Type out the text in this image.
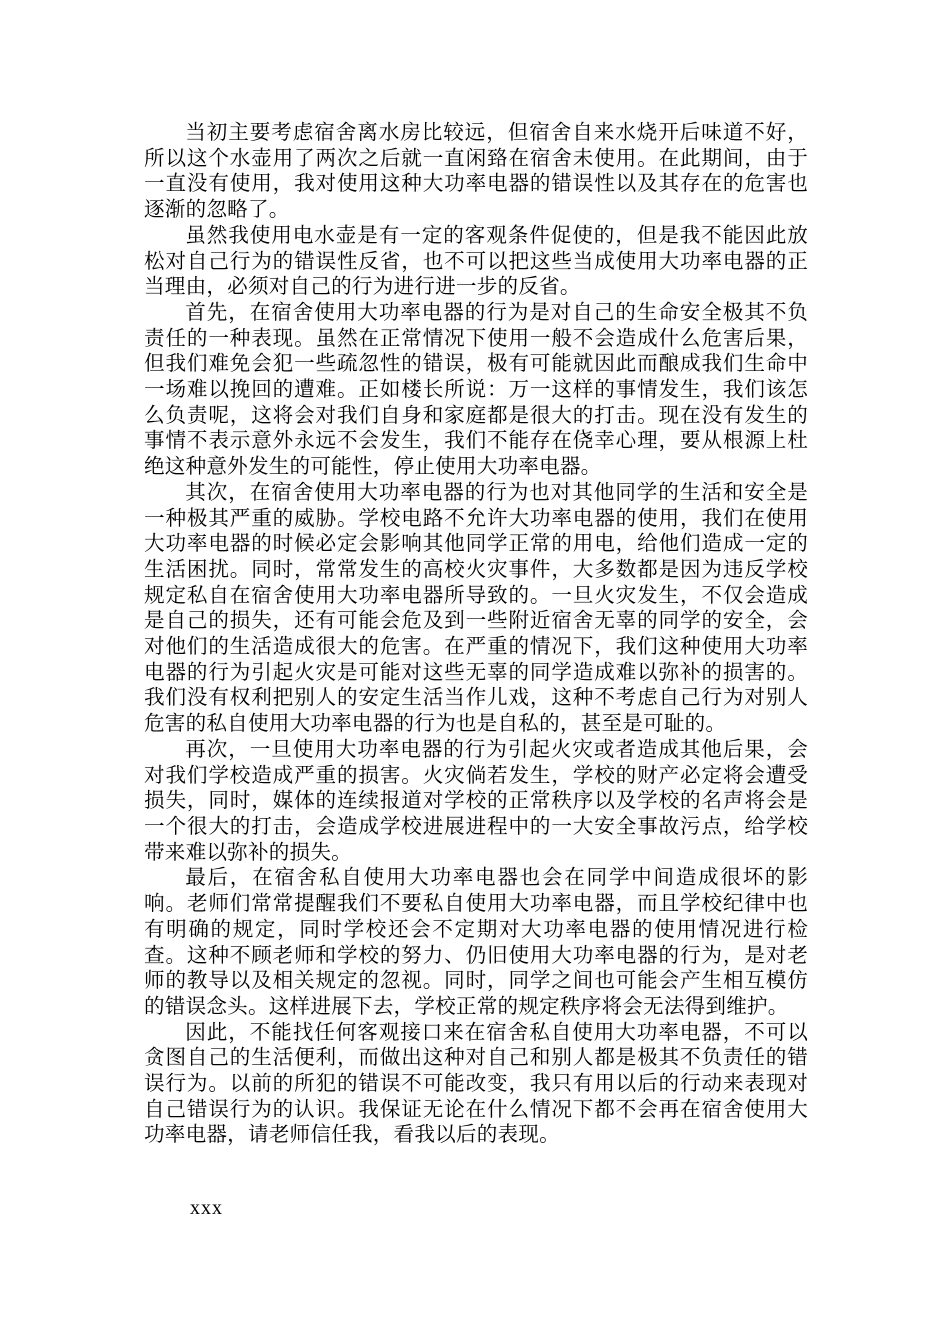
当初主要考虑宿舍离水房比较远，但宿舍自来水烧开后味道不好，所以这个水壶用了两次之后就一直闲臵在宿舍未使用。在此期间，由于一直没有使用，我对使用这种大功率电器的错误性以及其存在的危害也逐渐的忽略了。

虽然我使用电水壶是有一定的客观条件促使的，但是我不能因此放松对自己行为的错误性反省，也不可以把这些当成使用大功率电器的正当理由，必须对自己的行为进行进一步的反省。

首先，在宿舍使用大功率电器的行为是对自己的生命安全极其不负责任的一种表现。虽然在正常情况下使用一般不会造成什么危害后果，但我们难免会犯一些疏忽性的错误，极有可能就因此而酿成我们生命中一场难以挽回的遭难。正如楼长所说：万一这样的事情发生，我们该怎么负责呢，这将会对我们自身和家庭都是很大的打击。现在没有发生的事情不表示意外永远不会发生，我们不能存在侥幸心理，要从根源上杜绝这种意外发生的可能性，停止使用大功率电器。

其次，在宿舍使用大功率电器的行为也对其他同学的生活和安全是一种极其严重的威胁。学校电路不允许大功率电器的使用，我们在使用大功率电器的时候必定会影响其他同学正常的用电，给他们造成一定的生活困扰。同时，常常发生的高校火灾事件，大多数都是因为违反学校规定私自在宿舍使用大功率电器所导致的。一旦火灾发生，不仅会造成是自己的损失，还有可能会危及到一些附近宿舍无辜的同学的安全，会对他们的生活造成很大的危害。在严重的情况下，我们这种使用大功率电器的行为引起火灾是可能对这些无辜的同学造成难以弥补的损害的。我们没有权利把别人的安定生活当作儿戏，这种不考虑自己行为对别人危害的私自使用大功率电器的行为也是自私的，甚至是可耻的。

再次，一旦使用大功率电器的行为引起火灾或者造成其他后果，会对我们学校造成严重的损害。火灾倘若发生，学校的财产必定将会遭受损失，同时，媒体的连续报道对学校的正常秩序以及学校的名声将会是一个很大的打击，会造成学校进展进程中的一大安全事故污点，给学校带来难以弥补的损失。

最后，在宿舍私自使用大功率电器也会在同学中间造成很坏的影响。老师们常常提醒我们不要私自使用大功率电器，而且学校纪律中也有明确的规定，同时学校还会不定期对大功率电器的使用情况进行检查。这种不顾老师和学校的努力、仍旧使用大功率电器的行为，是对老师的教导以及相关规定的忽视。同时，同学之间也可能会产生相互模仿的错误念头。这样进展下去，学校正常的规定秩序将会无法得到维护。

因此，不能找任何客观接口来在宿舍私自使用大功率电器，不可以贪图自己的生活便利，而做出这种对自己和别人都是极其不负责任的错误行为。以前的所犯的错误不可能改变，我只有用以后的行动来表现对自己错误行为的认识。我保证无论在什么情况下都不会再在宿舍使用大功率电器，请老师信任我，看我以后的表现。

xxx
